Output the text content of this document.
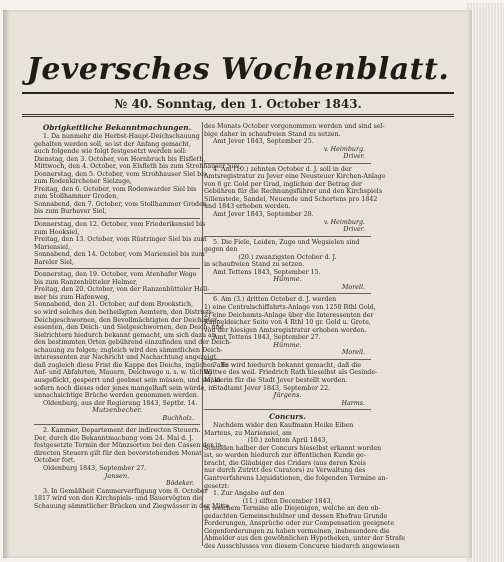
Jeversches Wochenblatt.
№ 40. Sonntag, den 1. October 1843.
Obrigkeitliche Bekanntmachungen.
1. Da nunmehr die Herbst-Haupt-Deichschauung
gehalten werden soll, so ist der Anfang gemacht,
auch folgende wie folgt festgesetzt werden soll:
Dienstag, den 3. October, von Hornbruch bis Elsfleth,
Mittwoch, den 4. October, von Elsfleth bis zum Strohhauser Siel,
Donnerstag, den 5. October, vom Strohhauser Siel bis
zum Rodenkirchener Sielzuge,
Freitag, den 6. October, vom Rodenwarder Siel bis
zum Stollhammer Groden,
Sonnabend, den 7. October, vom Stollhammer Groden
bis zum Burhaver Siel,
Donnerstag, den 12. October, vom Friederikensiel bis
zum Hooksiel,
Freitag, den 13. October, vom Rüstringer Siel bis zum
Mariensiel,
Sonnabend, den 14. October, vom Mariensiel bis zum
Bareler Siel,
Donnerstag, den 19. October, vom Atenhafer Wege
bis zum Ranzenbütteler Helmer,
Freitag, den 20. October, von der Ranzenbütteler Hell-
mer bis zum Hafenweg,
Sonnabend, den 21. October, auf dem Brookstich,
so wird solches den betheiligten Aemtern, den Districts-
Deichgeschwornen, den Bevollmächtigten der Deichinter-
essenten, den Deich- und Sielgeschwornen, den Deich- und
Sielrichtern hiedurch bekannt gemacht, um sich dazu an
den bestimmten Orten gebührend einzufinden und der Deich-
schauung zu folgen; zugleich wird den sämmtlichen Deich-
interessenten zur Nachricht und Nachachtung angezeigt,
daß zugleich diese Frist die Kappe des Deichs, inglichen alle
Auf- und Abfahrten, Mauern, Deichwege u. s. w. tüchtig
ausgeflickt, gesperrt und geebnet sein müssen, und sie, in
sofern noch dieses oder jenes mangelhaft sein würde, in
unnachsichtige Brüche werden genommen werden.
Oldenburg, aus der Regierung 1843, Septbr. 14.
Mutzenbecher.
Buchholz.
2. Kammer, Departement der indirecten Steuern.
Der, durch die Bekanntmachung vom 24. Mai d. J.
festgesetzte Termin der Münzsorten bei den Cassen der in-
directen Steuern gilt für den bevorstehenden Monat
October fort.
Oldenburg 1843, September 27.
Jansen.
Bödeker.
3. In Gemäßheit Cammerverfügung vom 8. October
1817 wird von den Kirchspiels- und Bauervögten die
Schauung sämmtlicher Brücken und Ziegwässer in der Mitte
des Monats October vorgenommen werden und sind sel-
bige daher in schaufreien Stand zu setzen.
Amt Jever 1843, September 25.
v. Heimburg.
Driver.
4. Am (10.) zehnten October d. J. soll in der
Amtsregistratur zu Jever eine Neusteuer Kirchen-Anlage
von 6 gr. Gold per Grad, inglichen der Betrag der
Gebühren für die Rechnungsführer und den Kirchspiels
Sillenstede, Sandel, Neuende und Schortens pro 1842
und 1843 erhoben werden.
Amt Jever 1843, September 28.
v. Heimburg.
Driver.
5. Die Fiele, Leiden, Zuge und Wegsielen sind
gegen den
(20.) zwanzigsten October d. J.
in schaufreien Stand zu setzen.
Amt Tettens 1843, September 15.
Hümme.
Morell.
6. Am (3.) dritten October d. J. werden
1) eine Centralschiffahrts-Anlage von 1250 Rthl Gold,
2) eine Deichamts-Anlage über die Interessenten der
Kappeldeicher Seite von 4 Rthl 10 gr. Gold u. Grote,
von der hiesigen Amtsregistratur erhoben werden.
Amt Tettens 1843, September 27.
Hümme.
Morell.
7. Es wird hiedurch bekannt gemacht, daß die
Wittwe des weil. Friedrich Rath hieselbst als Gesinde-
Mäklerin für die Stadt Jever bestellt worden.
Stadtamt Jever 1843, September 22.
Jürgens.
Harms.
Concurs.
Nachdem wider den Kaufmann Heike Eiben
Martens, zu Mariensiel, am
(10.) zehnten April 1843,
Schulden halber der Concurs hieselbst erkannt worden
ist, so werden hiedurch zur öffentlichen Kunde ge-
bracht, die Gläubiger des Cridars (aus deren Kreis
nur durch Zutritt des Curators) zu Verwaltung des
Gantverfahrens Liquidationen, die folgenden Termine an-
gesetzt:
1. Zur Angabe auf den
(11.) elften December 1843,
in welchem Termine alle Diejenigen, welche an den ob-
gedachten Gemeinschuldner und dessen Ehefrau Grunde
Forderungen, Ansprüche oder zur Compensation geeignete
Gegenforderungen zu haben vermeinen, insbesondere die
Abmelder aus den gewöhnlichen Hypotheken, unter der Strafe
des Ausschlusses von diesem Concurse hiedurch angewiesen
